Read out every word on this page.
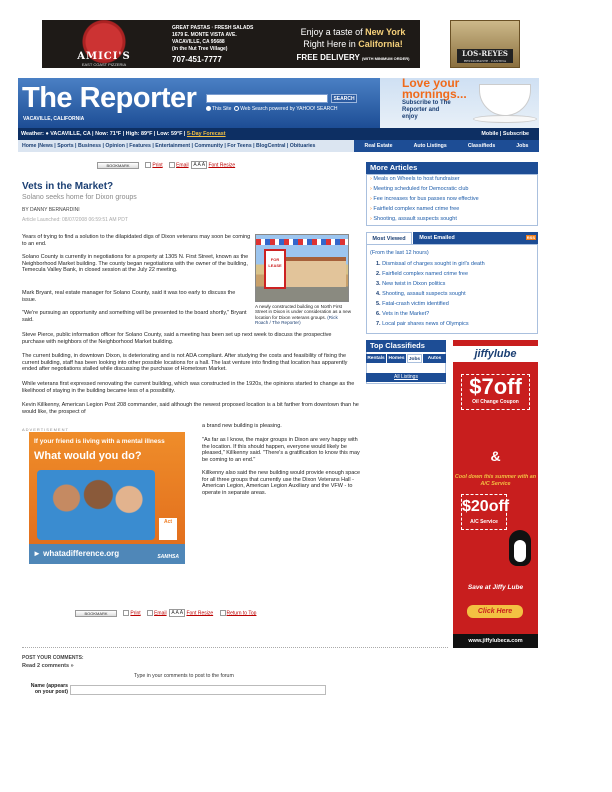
AMICI'S
EAST COAST PIZZERIA
GREAT PASTAS · FRESH SALADS
1679 E. MONTE VISTA AVE.
VACAVILLE, CA 95688
(in the Nut Tree Village)
707-451-7777
Enjoy a taste of New York
Right Here in California!
FREE DELIVERY (WITH MINIMUM ORDER)
LOS-REYES
RESTAURANTE · CANTINA
The Reporter
VACAVILLE, CALIFORNIA
SEARCH
This Site Web Search powered by YAHOO! SEARCH
Love your mornings...
Subscribe to The Reporter and enjoy
Weather: ● VACAVILLE, CA | Now: 71°F | High: 89°F | Low: 59°F | 5-Day Forecast	Mobile | Subscribe
Home |News | Sports | Business | Opinion | Features | Entertainment | Community | For Teens | BlogCentral | Obituaries	Real Estate	Auto Listings	Classifieds	Jobs
BOOKMARK	Print	Email A A A Font Resize
Vets in the Market?
Solano seeks home for Dixon groups
BY DANNY BERNARDINI
Article Launched: 08/07/2008 06:59:51 AM PDT
Years of trying to find a solution to the dilapidated digs of Dixon veterans may soon be coming to an end.
Solano County is currently in negotiations for a property at 1305 N. First Street, known as the Neighborhood Market building. The county began negotiations with the owner of the building, Temecula Valley Bank, in closed session at the July 22 meeting.
Mark Bryant, real estate manager for Solano County, said it was too early to discuss the issue.
"We're pursuing an opportunity and something will be presented to the board shortly," Bryant said.
Steve Pierce, public information officer for Solano County, said a meeting has been set up next week to discuss the prospective purchase with neighbors of the Neighborhood Market building.
The current building, in downtown Dixon, is deteriorating and is not ADA compliant. After studying the costs and feasibility of fixing the current building, staff has been looking into other possible locations for a hall. The last venture into finding that location has apparently ended after negotiations stalled while discussing the purchase of Hometown Market.
While veterans first expressed renovating the current building, which was constructed in the 1920s, the opinions started to change as the likelihood of staying in the building became less of a possibility.
Kevin Killkenny, American Legion Post 208 commander, said although the newest proposed location is a bit farther from downtown than he would like, the prospect of
a brand new building is pleasing.
"As far as I know, the major groups in Dixon are very happy with the location. If this should happen, everyone would likely be pleased," Killkenny said. "There's a gratification to know this may be coming to an end."
Killkenny also said the new building would provide enough space for all three groups that currently use the Dixon Veterans Hall - American Legion, American Legion Auxiliary and the VFW - to operate in separate areas.
FOR LEASE
A newly constructed building on North First Street in Dixon is under consideration as a new location for Dixon veterans groups. (Rick Roach / The Reporter)
ADVERTISEMENT
If your friend is living with a mental illness
What would you do?
Act
► whatadifference.org	SAMHSA
BOOKMARK	Print	Email A A A Font Resize	Return to Top
More Articles
› Meals on Wheels to host fundraiser
› Meeting scheduled for Democratic club
› Fee increases for bus passes now effective
› Fairfield complex named crime free
› Shooting, assault suspects sought
Most Viewed	Most Emailed	RSS
(From the last 12 hours)
1. Dismissal of charges sought in girl's death
2. Fairfield complex named crime free
3. New twist in Dixon politics
4. Shooting, assault suspects sought
5. Fatal-crash victim identified
6. Vets in the Market?
7. Local pair shares news of Olympics
Top Classifieds
Rentals Homes Jobs	Autos
All Listings
jiffylube
$7off
Oil Change Coupon
&
Cool down this summer with an A/C Service
$20off
A/C Service
Save at Jiffy Lube
Click Here
www.jiffylubeca.com
POST YOUR COMMENTS:
Read 2 comments »
Type in your comments to post to the forum
Name (appears on your post)
